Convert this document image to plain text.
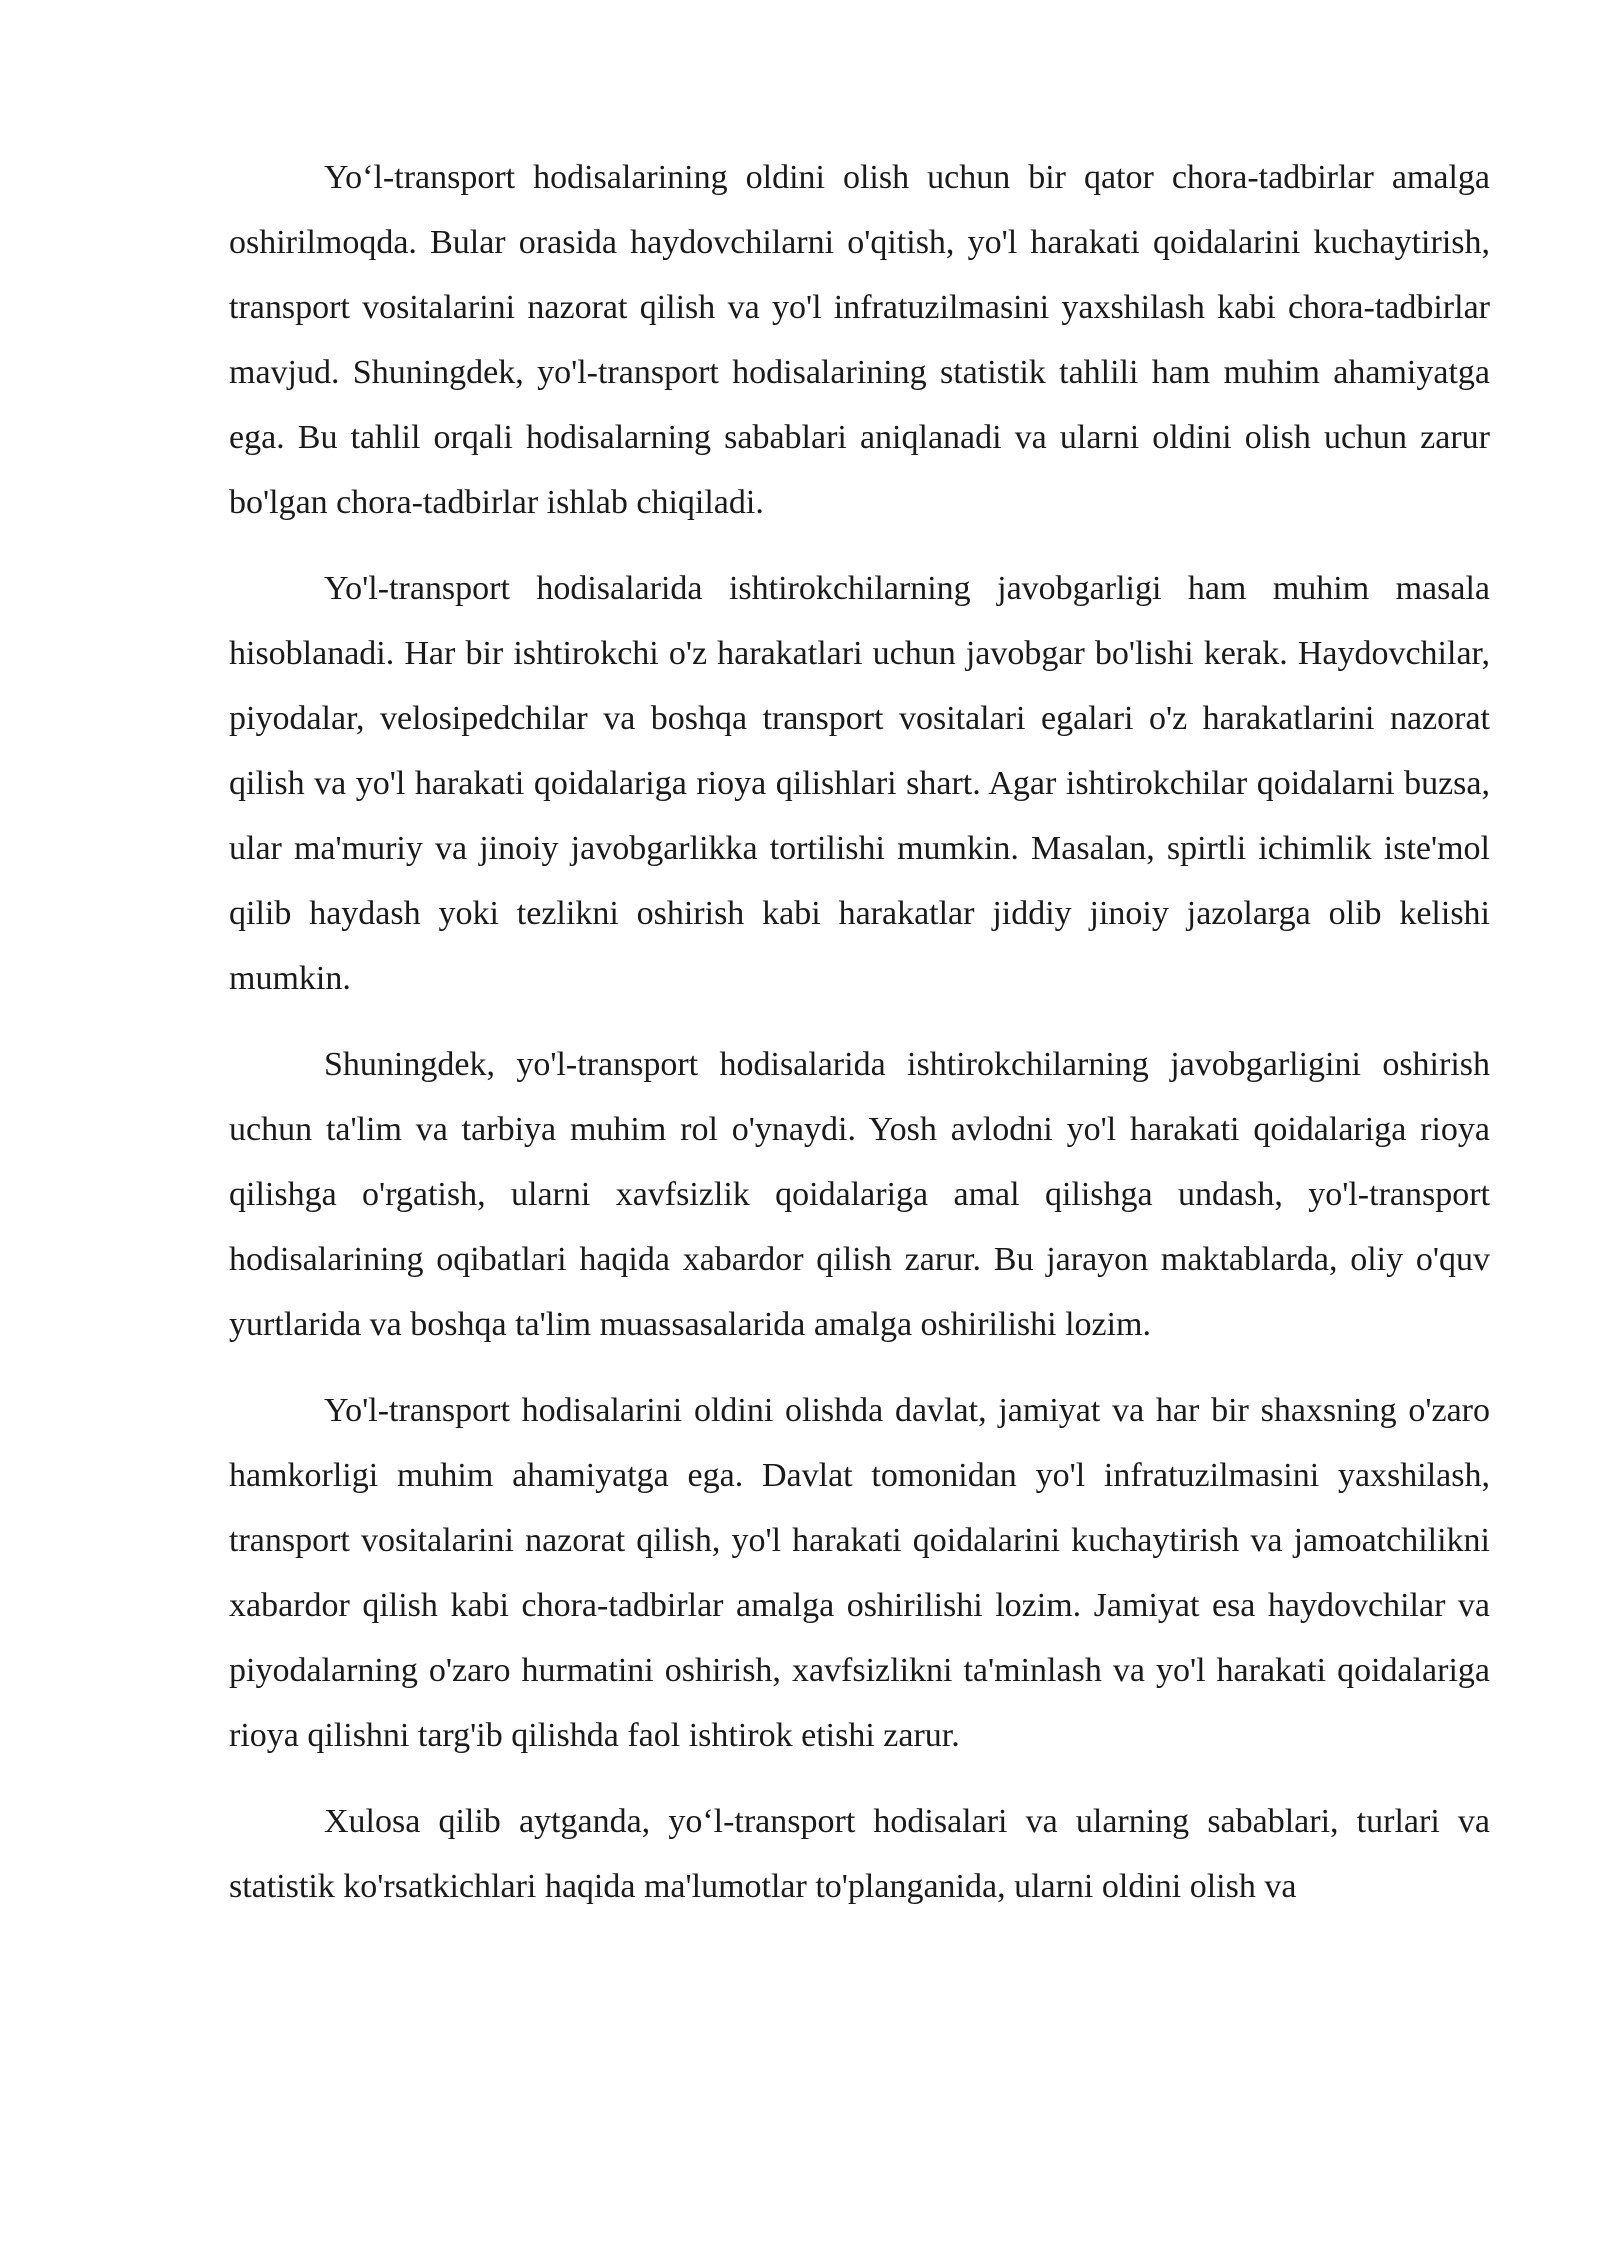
Yo‘l-transport hodisalarining oldini olish uchun bir qator chora-tadbirlar amalga oshirilmoqda. Bular orasida haydovchilarni o'qitish, yo'l harakati qoidalarini kuchaytirish, transport vositalarini nazorat qilish va yo'l infratuzilmasini yaxshilash kabi chora-tadbirlar mavjud. Shuningdek, yo'l-transport hodisalarining statistik tahlili ham muhim ahamiyatga ega. Bu tahlil orqali hodisalarning sabablari aniqlanadi va ularni oldini olish uchun zarur bo'lgan chora-tadbirlar ishlab chiqiladi.

Yo'l-transport hodisalarida ishtirokchilarning javobgarligi ham muhim masala hisoblanadi. Har bir ishtirokchi o'z harakatlari uchun javobgar bo'lishi kerak. Haydovchilar, piyodalar, velosipedchilar va boshqa transport vositalari egalari o'z harakatlarini nazorat qilish va yo'l harakati qoidalariga rioya qilishlari shart. Agar ishtirokchilar qoidalarni buzsa, ular ma'muriy va jinoiy javobgarlikka tortilishi mumkin. Masalan, spirtli ichimlik iste'mol qilib haydash yoki tezlikni oshirish kabi harakatlar jiddiy jinoiy jazolarga olib kelishi mumkin.

Shuningdek, yo'l-transport hodisalarida ishtirokchilarning javobgarligini oshirish uchun ta'lim va tarbiya muhim rol o'ynaydi. Yosh avlodni yo'l harakati qoidalariga rioya qilishga o'rgatish, ularni xavfsizlik qoidalariga amal qilishga undash, yo'l-transport hodisalarining oqibatlari haqida xabardor qilish zarur. Bu jarayon maktablarda, oliy o'quv yurtlarida va boshqa ta'lim muassasalarida amalga oshirilishi lozim.

Yo'l-transport hodisalarini oldini olishda davlat, jamiyat va har bir shaxsning o'zaro hamkorligi muhim ahamiyatga ega. Davlat tomonidan yo'l infratuzilmasini yaxshilash, transport vositalarini nazorat qilish, yo'l harakati qoidalarini kuchaytirish va jamoatchilikni xabardor qilish kabi chora-tadbirlar amalga oshirilishi lozim. Jamiyat esa haydovchilar va piyodalarning o'zaro hurmatini oshirish, xavfsizlikni ta'minlash va yo'l harakati qoidalariga rioya qilishni targ'ib qilishda faol ishtirok etishi zarur.

Xulosa qilib aytganda, yo‘l-transport hodisalari va ularning sabablari, turlari va statistik ko'rsatkichlari haqida ma'lumotlar to'planganida, ularni oldini olish va
